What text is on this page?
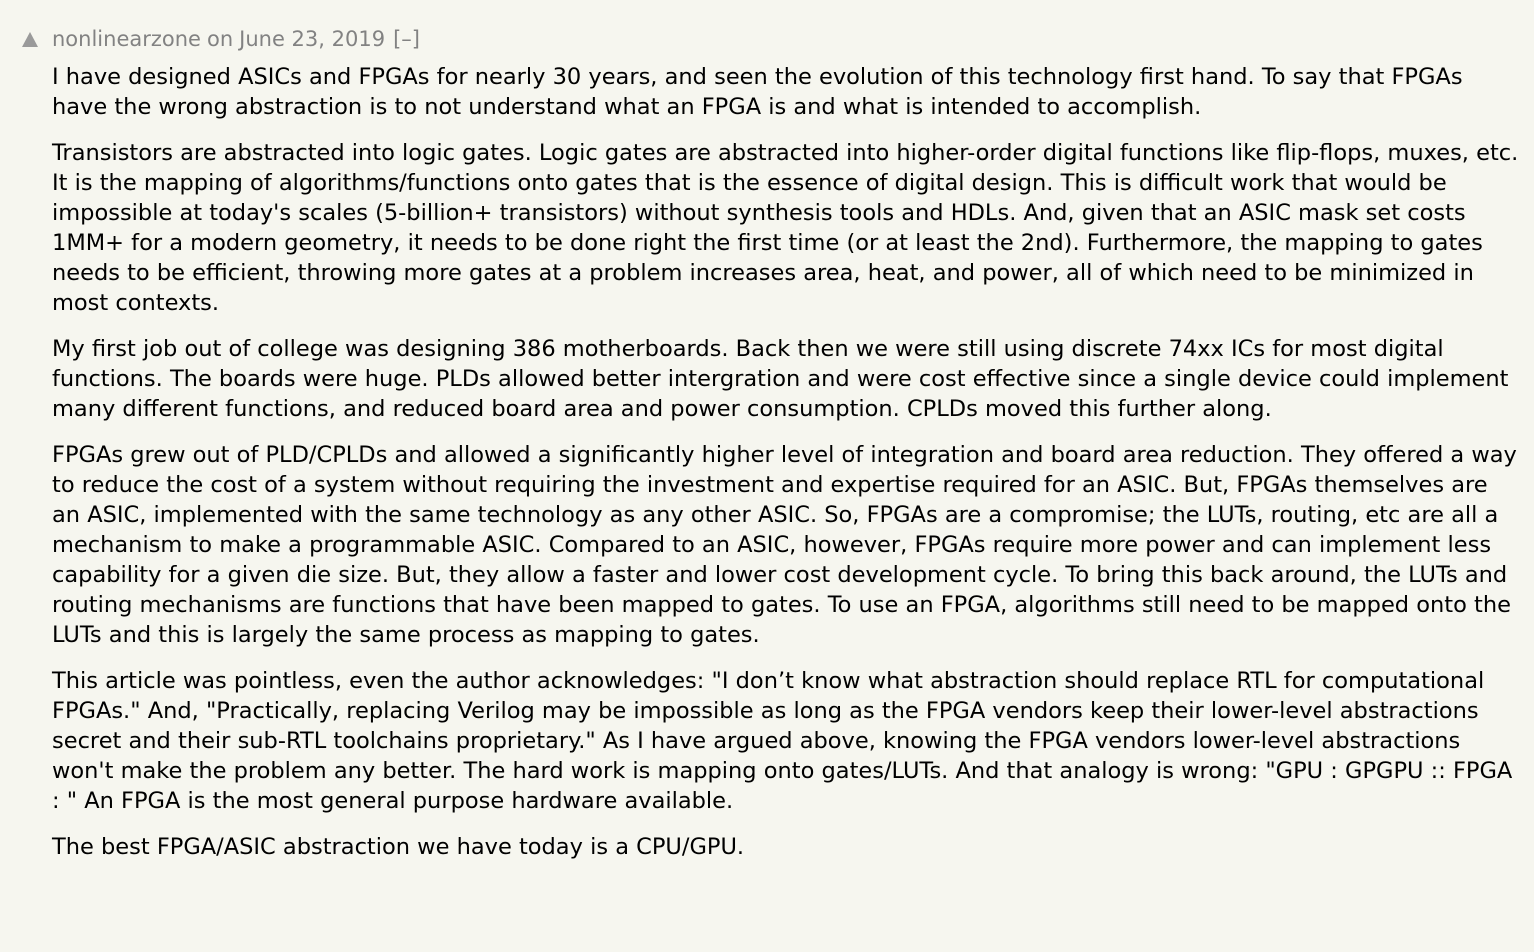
nonlinearzone on June 23, 2019 [–]

I have designed ASICs and FPGAs for nearly 30 years, and seen the evolution of this technology first hand. To say that FPGAs have the wrong abstraction is to not understand what an FPGA is and what is intended to accomplish.

Transistors are abstracted into logic gates. Logic gates are abstracted into higher-order digital functions like flip-flops, muxes, etc. It is the mapping of algorithms/functions onto gates that is the essence of digital design. This is difficult work that would be impossible at today's scales (5-billion+ transistors) without synthesis tools and HDLs. And, given that an ASIC mask set costs 1MM+ for a modern geometry, it needs to be done right the first time (or at least the 2nd). Furthermore, the mapping to gates needs to be efficient, throwing more gates at a problem increases area, heat, and power, all of which need to be minimized in most contexts.

My first job out of college was designing 386 motherboards. Back then we were still using discrete 74xx ICs for most digital functions. The boards were huge. PLDs allowed better intergration and were cost effective since a single device could implement many different functions, and reduced board area and power consumption. CPLDs moved this further along.

FPGAs grew out of PLD/CPLDs and allowed a significantly higher level of integration and board area reduction. They offered a way to reduce the cost of a system without requiring the investment and expertise required for an ASIC. But, FPGAs themselves are an ASIC, implemented with the same technology as any other ASIC. So, FPGAs are a compromise; the LUTs, routing, etc are all a mechanism to make a programmable ASIC. Compared to an ASIC, however, FPGAs require more power and can implement less capability for a given die size. But, they allow a faster and lower cost development cycle. To bring this back around, the LUTs and routing mechanisms are functions that have been mapped to gates. To use an FPGA, algorithms still need to be mapped onto the LUTs and this is largely the same process as mapping to gates.

This article was pointless, even the author acknowledges: "I don’t know what abstraction should replace RTL for computational FPGAs." And, "Practically, replacing Verilog may be impossible as long as the FPGA vendors keep their lower-level abstractions secret and their sub-RTL toolchains proprietary." As I have argued above, knowing the FPGA vendors lower-level abstractions won't make the problem any better. The hard work is mapping onto gates/LUTs. And that analogy is wrong: "GPU : GPGPU :: FPGA : " An FPGA is the most general purpose hardware available.

The best FPGA/ASIC abstraction we have today is a CPU/GPU.
